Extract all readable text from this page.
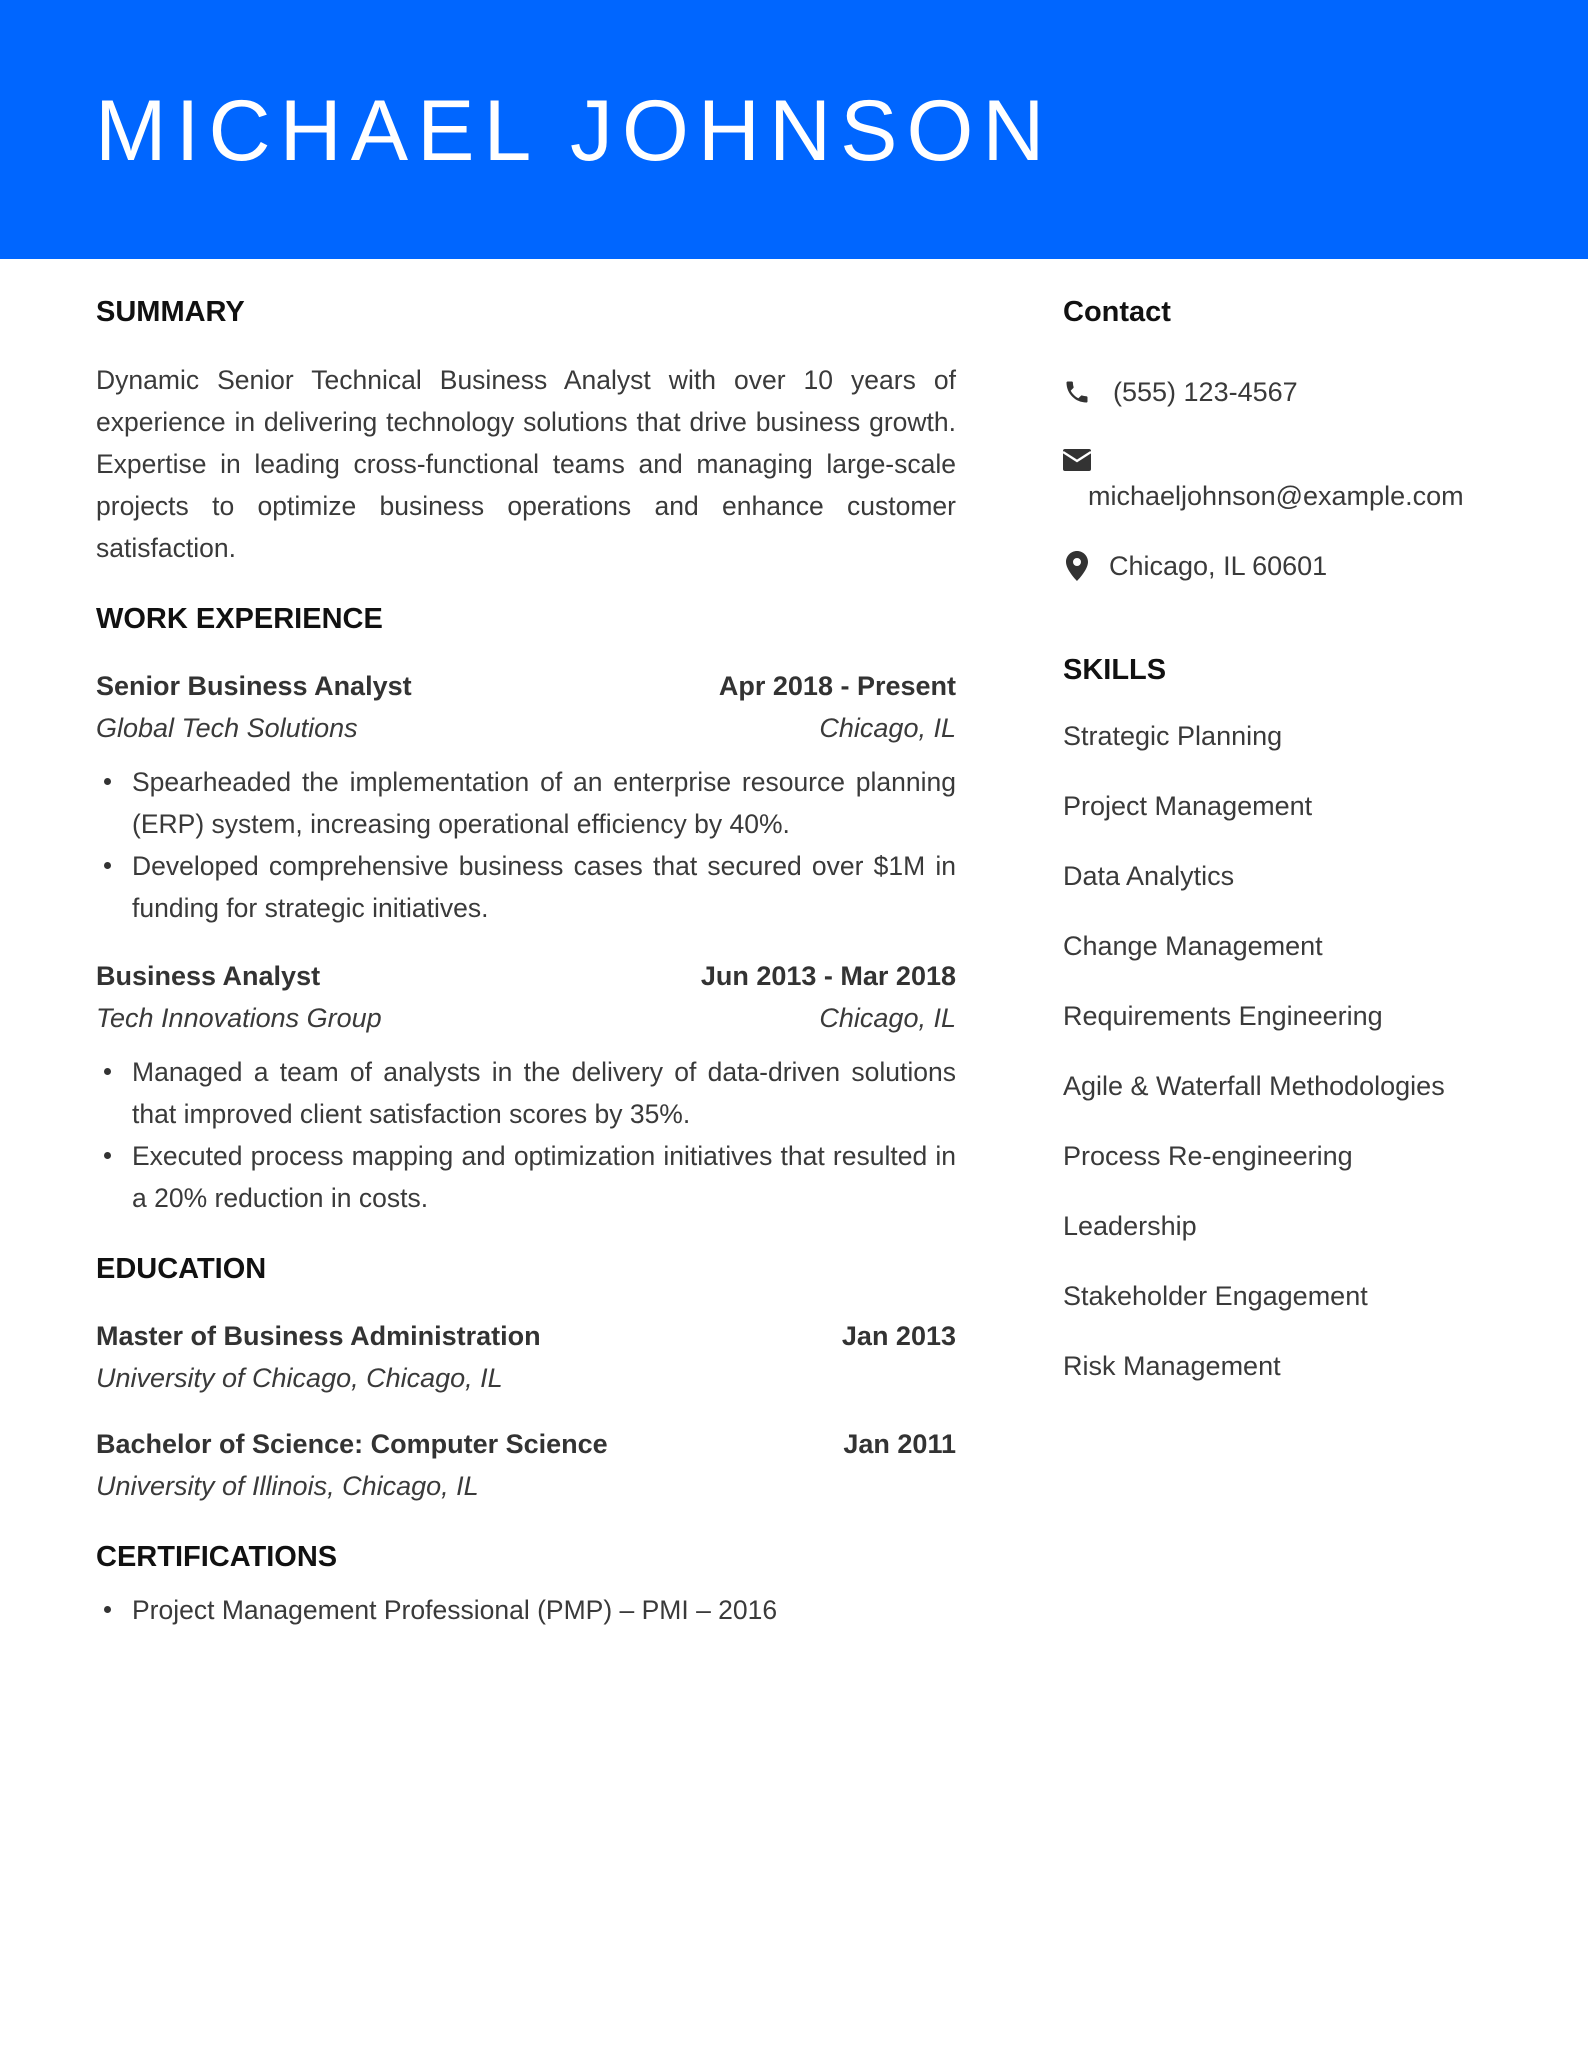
MICHAEL JOHNSON
SUMMARY

Dynamic Senior Technical Business Analyst with over 10 years of experience in delivering technology solutions that drive business growth. Expertise in leading cross-functional teams and managing large-scale projects to optimize business operations and enhance customer satisfaction.

WORK EXPERIENCE
Senior Business Analyst	Apr 2018 - Present
Global Tech Solutions	Chicago, IL
Spearheaded the implementation of an enterprise resource planning (ERP) system, increasing operational efficiency by 40%.
Developed comprehensive business cases that secured over $1M in funding for strategic initiatives.
Business Analyst	Jun 2013 - Mar 2018
Tech Innovations Group	Chicago, IL
Managed a team of analysts in the delivery of data-driven solutions that improved client satisfaction scores by 35%.
Executed process mapping and optimization initiatives that resulted in a 20% reduction in costs.
EDUCATION
Master of Business Administration	Jan 2013
University of Chicago, Chicago, IL
Bachelor of Science: Computer Science	Jan 2011
University of Illinois, Chicago, IL
CERTIFICATIONS
Project Management Professional (PMP) – PMI – 2016
Contact
(555) 123-4567
michaeljohnson@example.com
Chicago, IL 60601
SKILLS
Strategic Planning
Project Management
Data Analytics
Change Management
Requirements Engineering
Agile & Waterfall Methodologies
Process Re-engineering
Leadership
Stakeholder Engagement
Risk Management
